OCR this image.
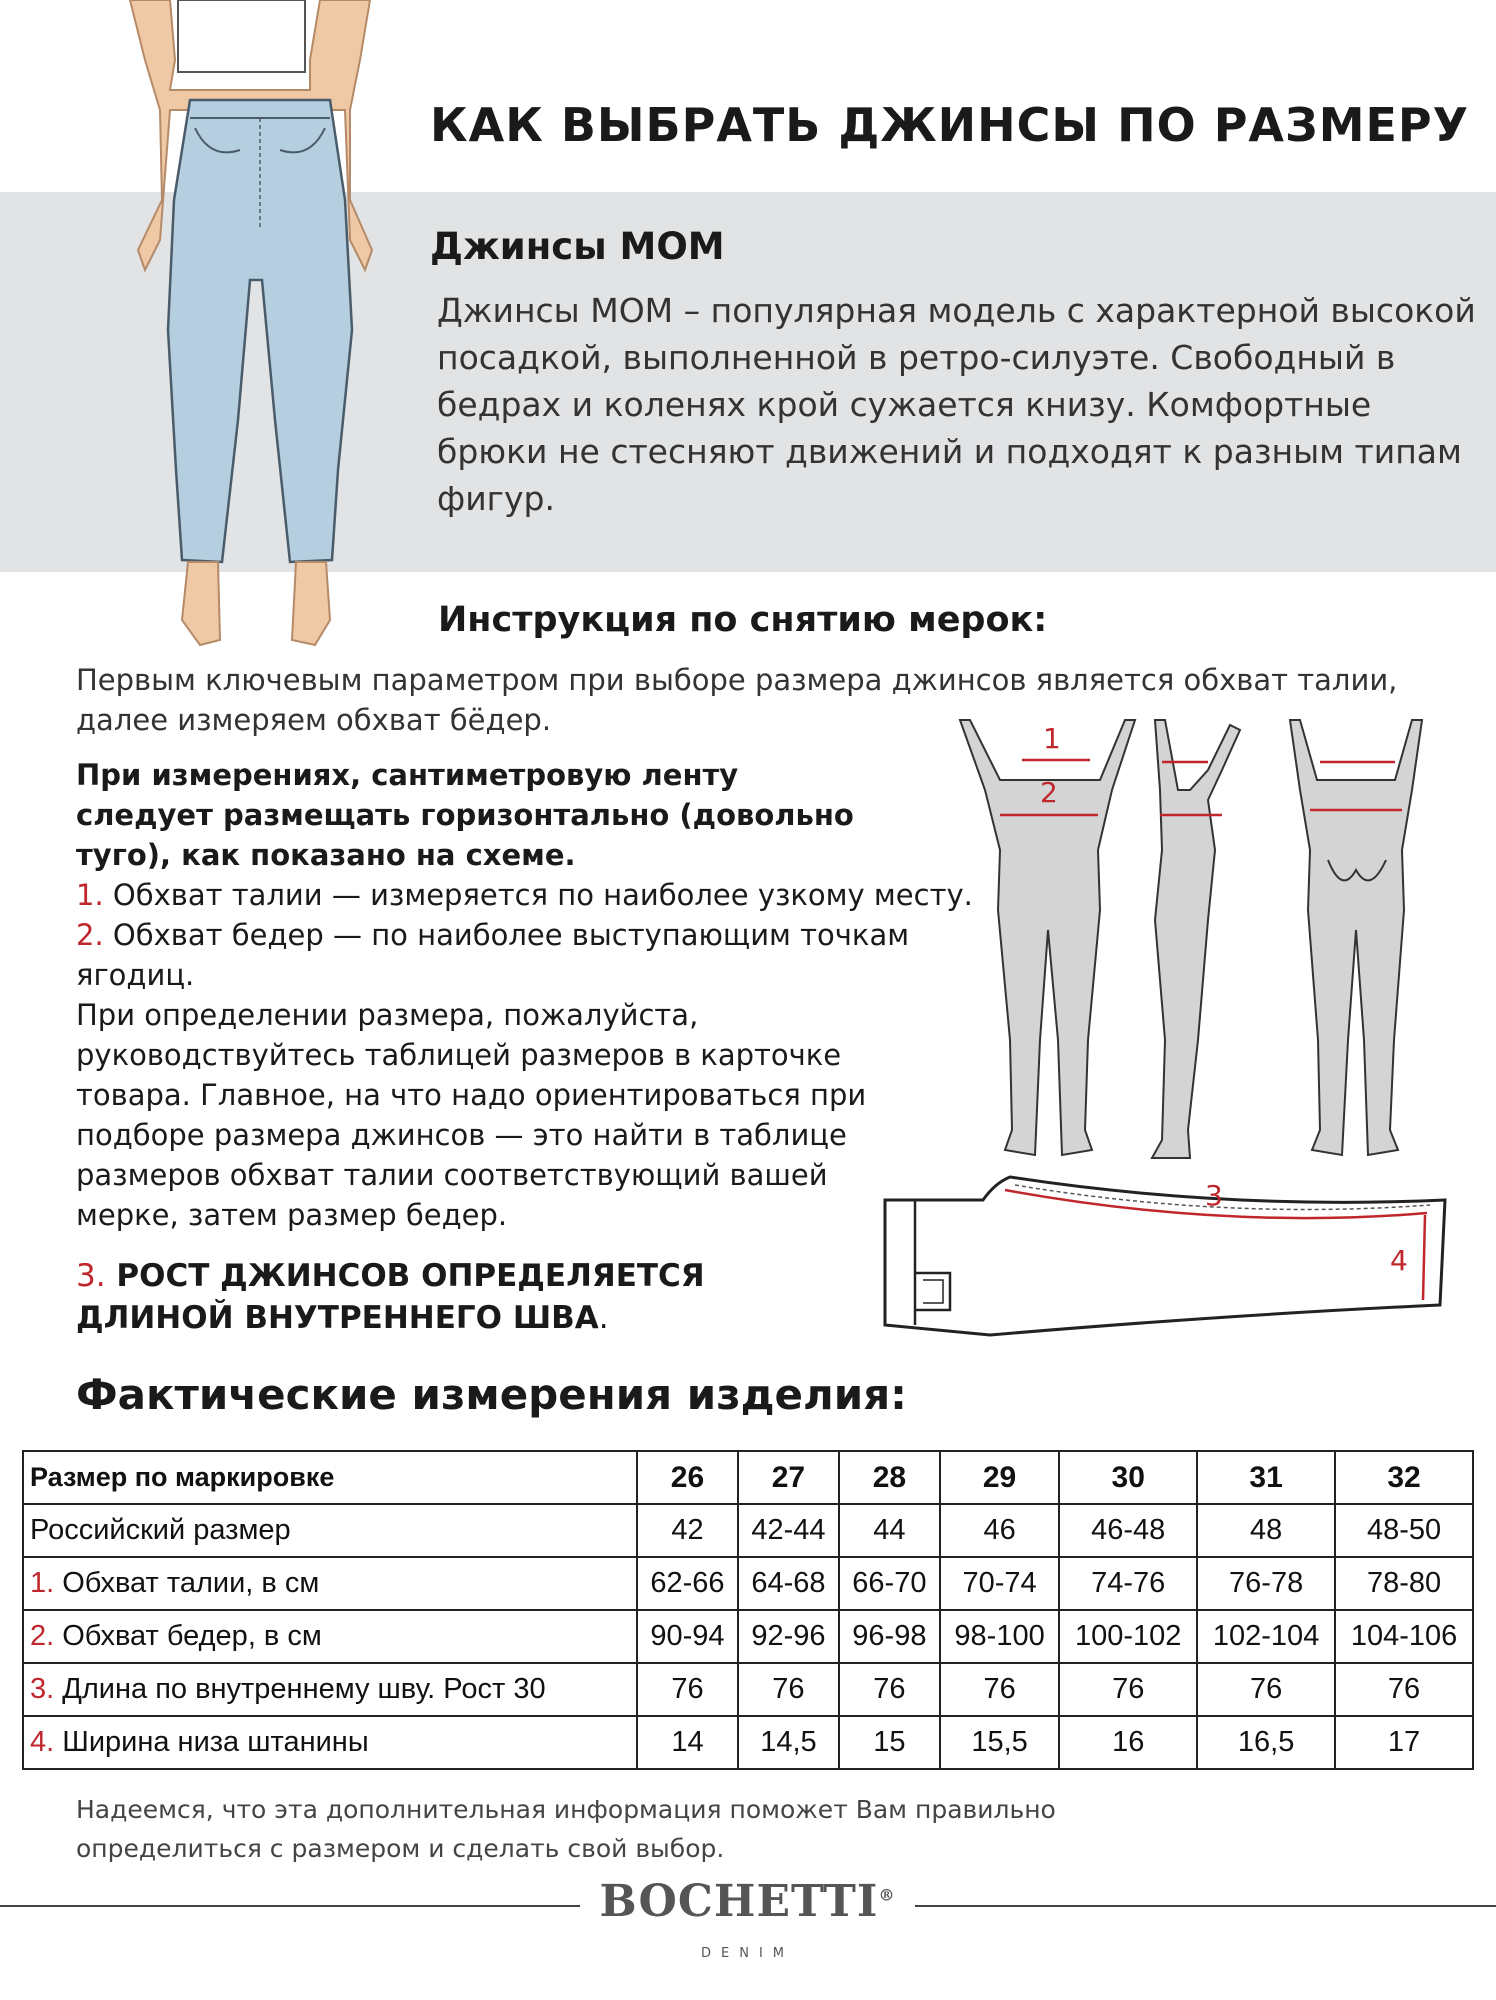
КАК ВЫБРАТЬ ДЖИНСЫ ПО РАЗМЕРУ
Джинсы MOM
Джинсы MOM – популярная модель с характерной высокой посадкой, выполненной в ретро-силуэте. Свободный в бедрах и коленях крой сужается книзу. Комфортные брюки не стесняют движений и подходят к разным типам фигур.
Инструкция по снятию мерок:
Первым ключевым параметром при выборе размера джинсов является обхват талии, далее измеряем обхват бёдер.
При измерениях, сантиметровую ленту следует размещать горизонтально (довольно туго), как показано на схеме.
1. Обхват талии — измеряется по наиболее узкому месту.
2. Обхват бедер — по наиболее выступающим точкам ягодиц.
При определении размера, пожалуйста, руководствуйтесь таблицей размеров в карточке товара. Главное, на что надо ориентироваться при подборе размера джинсов — это найти в таблице размеров обхват талии соответствующий вашей мерке, затем размер бедер.
3. РОСТ ДЖИНСОВ ОПРЕДЕЛЯЕТСЯ ДЛИНОЙ ВНУТРЕННЕГО ШВА.
1
2
3
4
Фактические измерения изделия:
Размер по маркировке	26	27	28	29	30	31	32
Российский размер	42	42-44	44	46	46-48	48	48-50
1. Обхват талии, в см	62-66	64-68	66-70	70-74	74-76	76-78	78-80
2. Обхват бедер, в см	90-94	92-96	96-98	98-100	100-102	102-104	104-106
3. Длина по внутреннему шву. Рост 30	76	76	76	76	76	76	76
4. Ширина низа штанины	14	14,5	15	15,5	16	16,5	17
Надеемся, что эта дополнительная информация поможет Вам правильно определиться с размером и сделать свой выбор.
BOCHETTI®
DENIM
